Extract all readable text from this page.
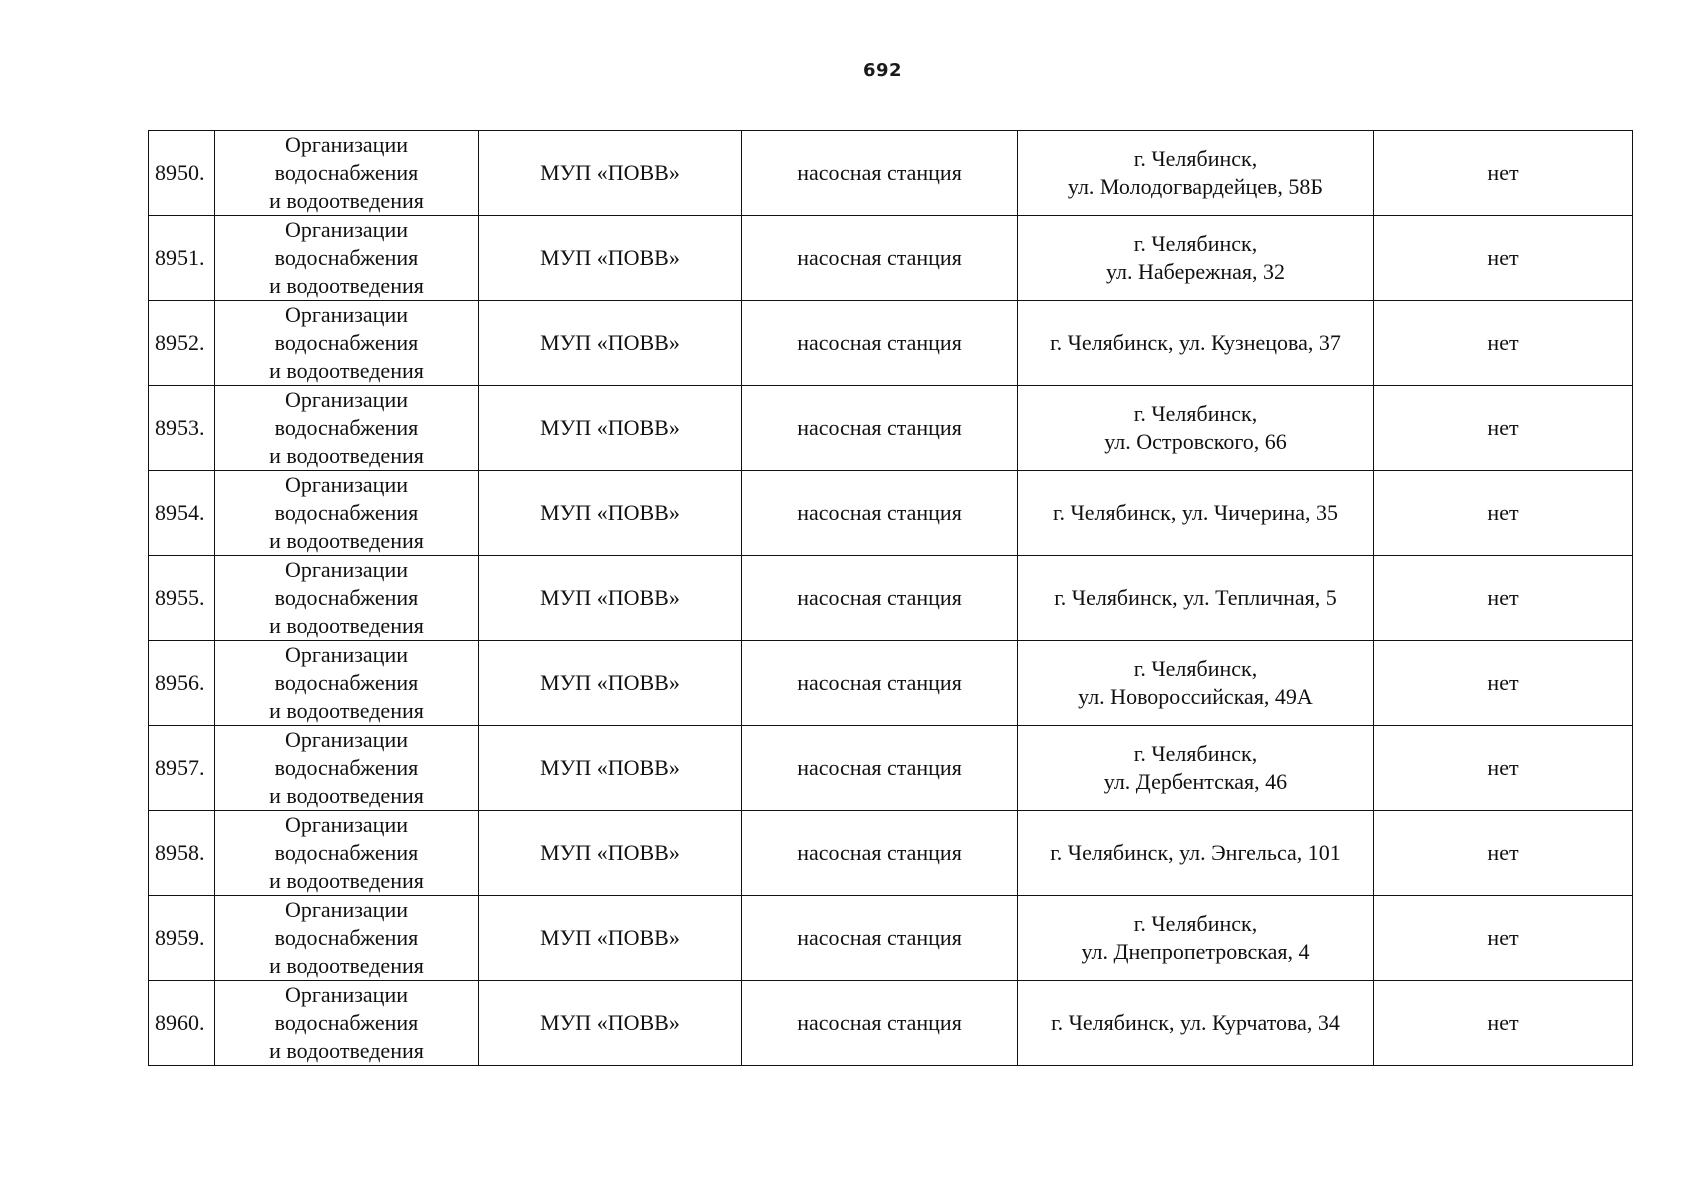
692
8950.	Организации
водоснабжения
и водоотведения	МУП «ПОВВ»	насосная станция	г. Челябинск,
ул. Молодогвардейцев, 58Б	нет
8951.	Организации
водоснабжения
и водоотведения	МУП «ПОВВ»	насосная станция	г. Челябинск,
ул. Набережная, 32	нет
8952.	Организации
водоснабжения
и водоотведения	МУП «ПОВВ»	насосная станция	г. Челябинск, ул. Кузнецова, 37	нет
8953.	Организации
водоснабжения
и водоотведения	МУП «ПОВВ»	насосная станция	г. Челябинск,
ул. Островского, 66	нет
8954.	Организации
водоснабжения
и водоотведения	МУП «ПОВВ»	насосная станция	г. Челябинск, ул. Чичерина, 35	нет
8955.	Организации
водоснабжения
и водоотведения	МУП «ПОВВ»	насосная станция	г. Челябинск, ул. Тепличная, 5	нет
8956.	Организации
водоснабжения
и водоотведения	МУП «ПОВВ»	насосная станция	г. Челябинск,
ул. Новороссийская, 49А	нет
8957.	Организации
водоснабжения
и водоотведения	МУП «ПОВВ»	насосная станция	г. Челябинск,
ул. Дербентская, 46	нет
8958.	Организации
водоснабжения
и водоотведения	МУП «ПОВВ»	насосная станция	г. Челябинск, ул. Энгельса, 101	нет
8959.	Организации
водоснабжения
и водоотведения	МУП «ПОВВ»	насосная станция	г. Челябинск,
ул. Днепропетровская, 4	нет
8960.	Организации
водоснабжения
и водоотведения	МУП «ПОВВ»	насосная станция	г. Челябинск, ул. Курчатова, 34	нет
